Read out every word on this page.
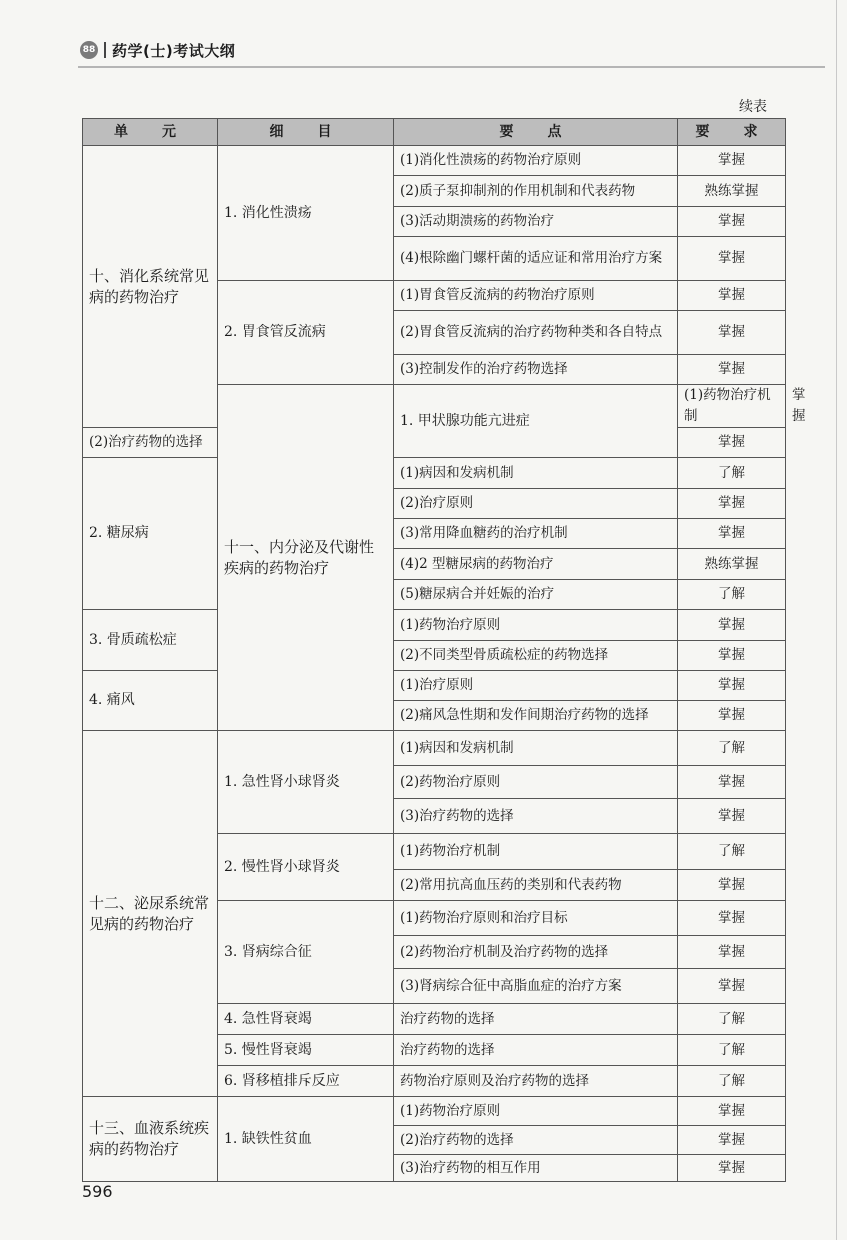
88 药学(士)考试大纲
续表
单　元	细　目	要　点	要　求	
十、消化系统常见病的药物治疗	1. 消化性溃疡	(1)消化性溃疡的药物治疗原则	掌握	
		(2)质子泵抑制剂的作用机制和代表药物	熟练掌握	
		(3)活动期溃疡的药物治疗	掌握	
		(4)根除幽门螺杆菌的适应证和常用治疗方案	掌握	
	2. 胃食管反流病	(1)胃食管反流病的药物治疗原则	掌握	
		(2)胃食管反流病的治疗药物种类和各自特点	掌握	
		(3)控制发作的治疗药物选择	掌握	
	十一、内分泌及代谢性疾病的药物治疗	1. 甲状腺功能亢进症	(1)药物治疗机制	掌握
(2)治疗药物的选择			掌握	
2. 糖尿病		(1)病因和发病机制	了解	
		(2)治疗原则	掌握	
		(3)常用降血糖药的治疗机制	掌握	
		(4)2 型糖尿病的药物治疗	熟练掌握	
		(5)糖尿病合并妊娠的治疗	了解	
3. 骨质疏松症		(1)药物治疗原则	掌握	
		(2)不同类型骨质疏松症的药物选择	掌握	
4. 痛风		(1)治疗原则	掌握	
		(2)痛风急性期和发作间期治疗药物的选择	掌握	
十二、泌尿系统常见病的药物治疗	1. 急性肾小球肾炎	(1)病因和发病机制	了解	
		(2)药物治疗原则	掌握	
		(3)治疗药物的选择	掌握	
	2. 慢性肾小球肾炎	(1)药物治疗机制	了解	
		(2)常用抗高血压药的类别和代表药物	掌握	
	3. 肾病综合征	(1)药物治疗原则和治疗目标	掌握	
		(2)药物治疗机制及治疗药物的选择	掌握	
		(3)肾病综合征中高脂血症的治疗方案	掌握	
	4. 急性肾衰竭	治疗药物的选择	了解	
	5. 慢性肾衰竭	治疗药物的选择	了解	
	6. 肾移植排斥反应	药物治疗原则及治疗药物的选择	了解	
十三、血液系统疾病的药物治疗	1. 缺铁性贫血	(1)药物治疗原则	掌握	
		(2)治疗药物的选择	掌握	
		(3)治疗药物的相互作用	掌握	
596
